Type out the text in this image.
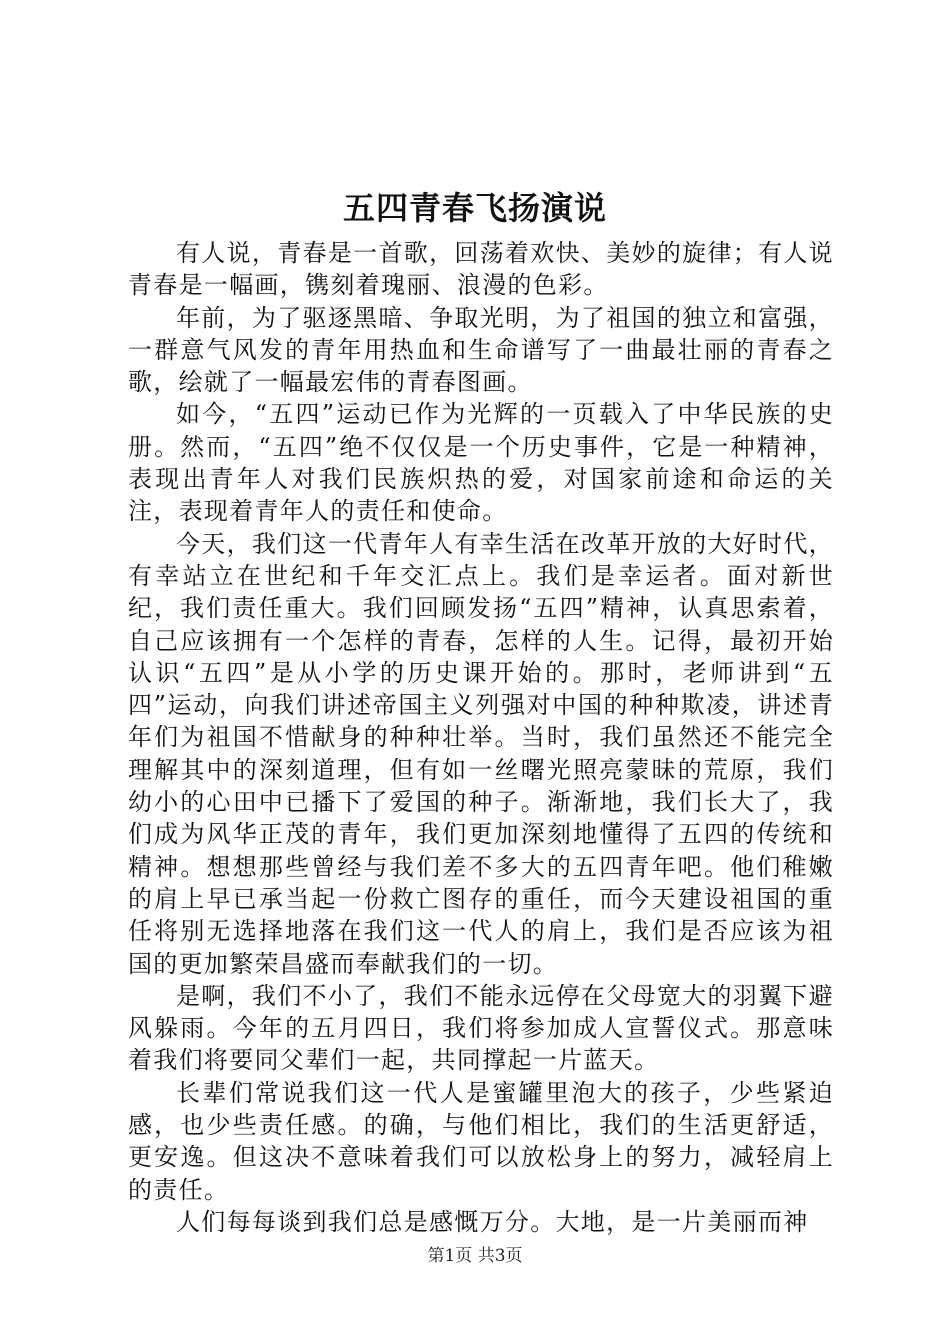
五四青春飞扬演说

有人说，青春是一首歌，回荡着欢快、美妙的旋律；有人说青春是一幅画，镌刻着瑰丽、浪漫的色彩。

年前，为了驱逐黑暗、争取光明，为了祖国的独立和富强，一群意气风发的青年用热血和生命谱写了一曲最壮丽的青春之歌，绘就了一幅最宏伟的青春图画。

如今，“五四”运动已作为光辉的一页载入了中华民族的史册。然而，“五四”绝不仅仅是一个历史事件，它是一种精神，表现出青年人对我们民族炽热的爱，对国家前途和命运的关注，表现着青年人的责任和使命。

今天，我们这一代青年人有幸生活在改革开放的大好时代，有幸站立在世纪和千年交汇点上。我们是幸运者。面对新世纪，我们责任重大。我们回顾发扬“五四”精神，认真思索着，自己应该拥有一个怎样的青春，怎样的人生。记得，最初开始认识“五四”是从小学的历史课开始的。那时，老师讲到“五四”运动，向我们讲述帝国主义列强对中国的种种欺凌，讲述青年们为祖国不惜献身的种种壮举。当时，我们虽然还不能完全理解其中的深刻道理，但有如一丝曙光照亮蒙昧的荒原，我们幼小的心田中已播下了爱国的种子。渐渐地，我们长大了，我们成为风华正茂的青年，我们更加深刻地懂得了五四的传统和精神。想想那些曾经与我们差不多大的五四青年吧。他们稚嫩的肩上早已承当起一份救亡图存的重任，而今天建设祖国的重任将别无选择地落在我们这一代人的肩上，我们是否应该为祖国的更加繁荣昌盛而奉献我们的一切。

是啊，我们不小了，我们不能永远停在父母宽大的羽翼下避风躲雨。今年的五月四日，我们将参加成人宣誓仪式。那意味着我们将要同父辈们一起，共同撑起一片蓝天。

长辈们常说我们这一代人是蜜罐里泡大的孩子，少些紧迫感，也少些责任感。的确，与他们相比，我们的生活更舒适，更安逸。但这决不意味着我们可以放松身上的努力，减轻肩上的责任。

人们每每谈到我们总是感慨万分。大地，是一片美丽而神

第1页 共3页
